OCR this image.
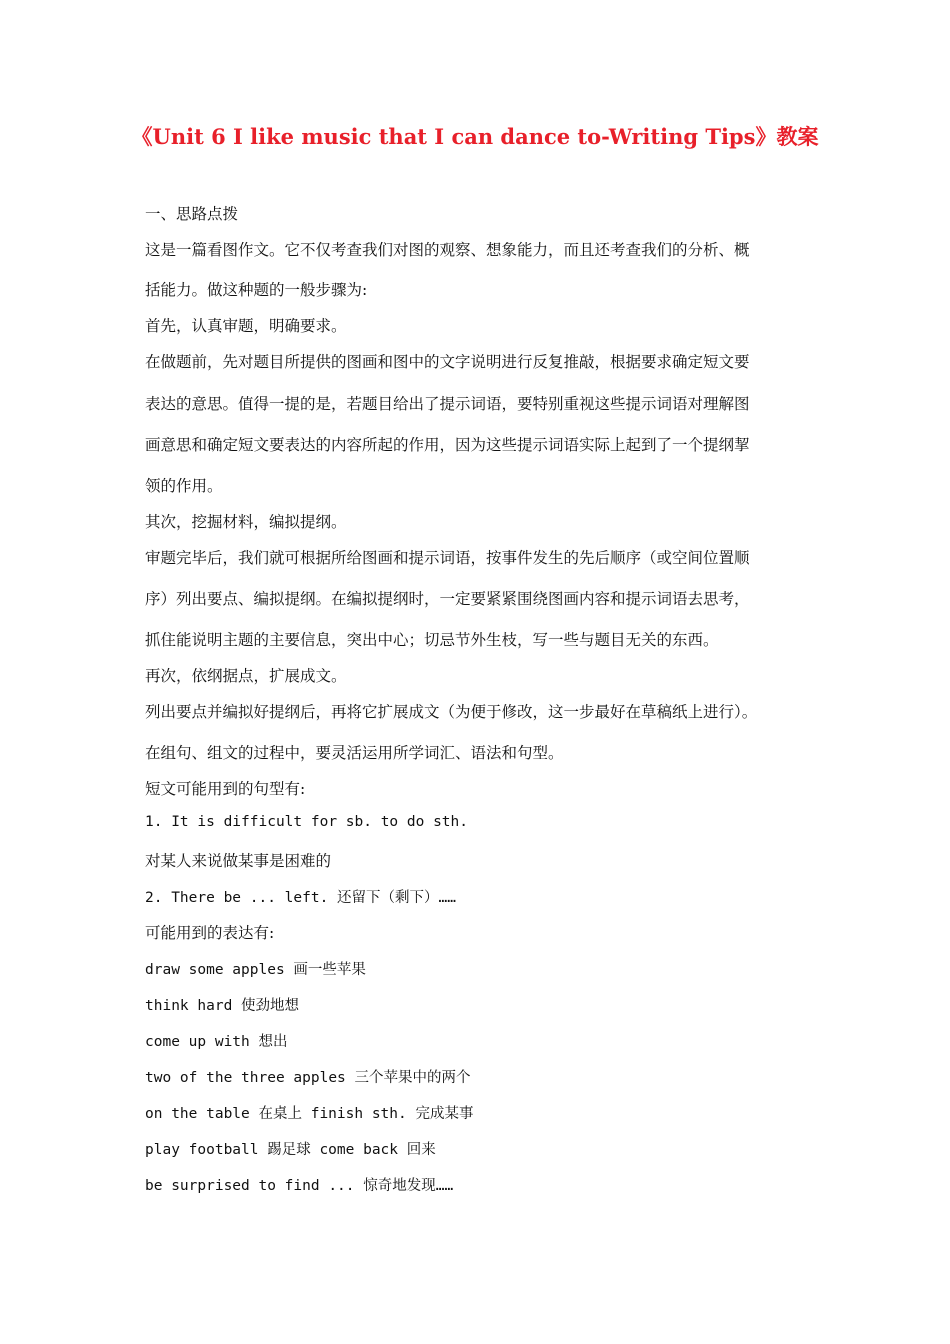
《Unit 6 I like music that I can dance to-Writing Tips》教案
一、思路点拨
这是一篇看图作文。它不仅考查我们对图的观察、想象能力，而且还考查我们的分析、概
括能力。做这种题的一般步骤为:
首先，认真审题，明确要求。
在做题前，先对题目所提供的图画和图中的文字说明进行反复推敲，根据要求确定短文要
表达的意思。值得一提的是，若题目给出了提示词语，要特别重视这些提示词语对理解图
画意思和确定短文要表达的内容所起的作用，因为这些提示词语实际上起到了一个提纲挈
领的作用。
其次，挖掘材料，编拟提纲。
审题完毕后，我们就可根据所给图画和提示词语，按事件发生的先后顺序（或空间位置顺
序）列出要点、编拟提纲。在编拟提纲时，一定要紧紧围绕图画内容和提示词语去思考，
抓住能说明主题的主要信息，突出中心；切忌节外生枝，写一些与题目无关的东西。
再次，依纲据点，扩展成文。
列出要点并编拟好提纲后，再将它扩展成文（为便于修改，这一步最好在草稿纸上进行）。
在组句、组文的过程中，要灵活运用所学词汇、语法和句型。
短文可能用到的句型有:
1. It is difficult for sb. to do sth.
对某人来说做某事是困难的
2. There be ... left. 还留下（剩下）……
可能用到的表达有:
draw some apples 画一些苹果
think hard 使劲地想
come up with 想出
two of the three apples 三个苹果中的两个
on the table 在桌上 finish sth. 完成某事
play football 踢足球 come back 回来
be surprised to find ... 惊奇地发现……
